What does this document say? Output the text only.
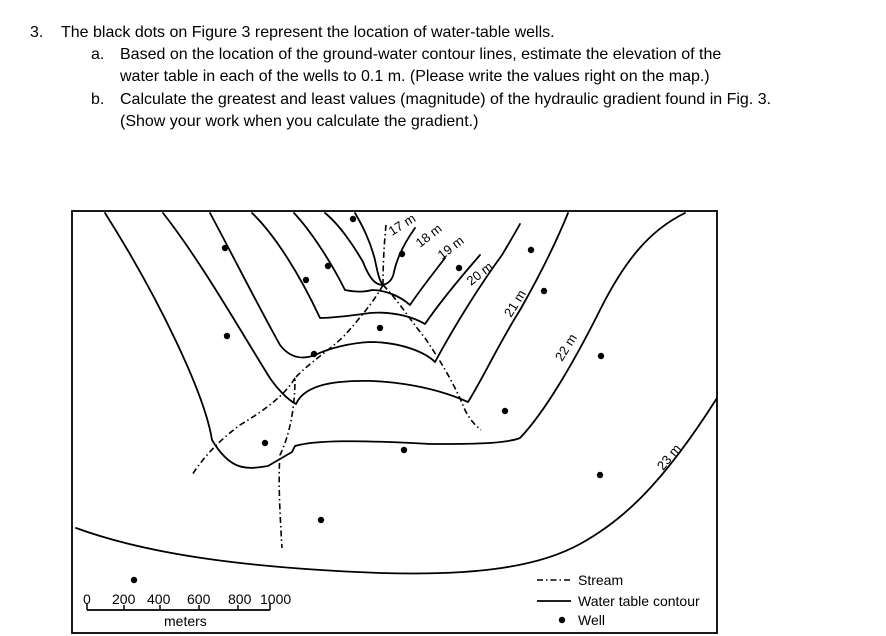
3. The black dots on Figure 3 represent the location of water-table wells.
a. Based on the location of the ground-water contour lines, estimate the elevation of the
water table in each of the wells to 0.1 m. (Please write the values right on the map.)
b. Calculate the greatest and least values (magnitude) of the hydraulic gradient found in Fig. 3.
(Show your work when you calculate the gradient.)
17 m
18 m
19 m
20 m
21 m
22 m
23 m
0 200 400 600 800 1000
meters
Stream
Water table contour
Well
